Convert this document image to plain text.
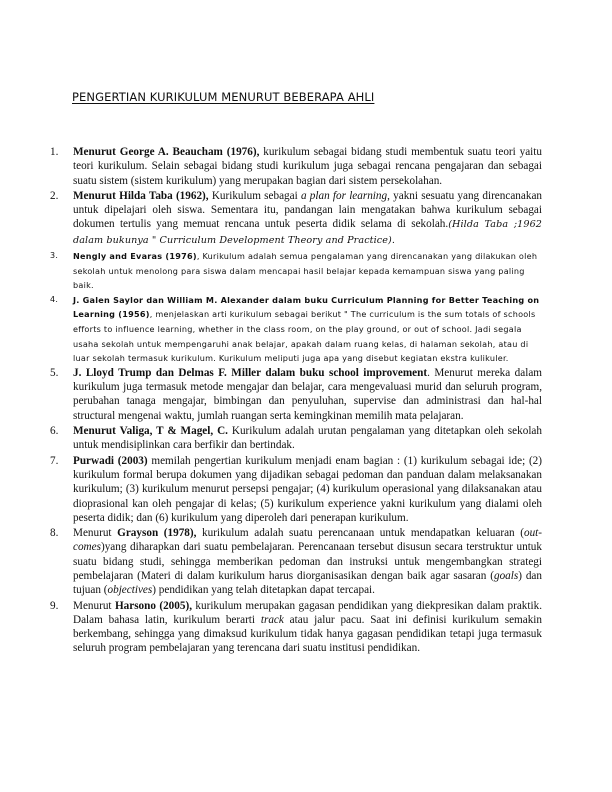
PENGERTIAN KURIKULUM MENURUT BEBERAPA AHLI
1. Menurut George A. Beaucham (1976), kurikulum sebagai bidang studi membentuk suatu teori yaitu teori kurikulum. Selain sebagai bidang studi kurikulum juga sebagai rencana pengajaran dan sebagai suatu sistem (sistem kurikulum) yang merupakan bagian dari sistem persekolahan.
2. Menurut Hilda Taba (1962), Kurikulum sebagai a plan for learning, yakni sesuatu yang direncanakan untuk dipelajari oleh siswa. Sementara itu, pandangan lain mengatakan bahwa kurikulum sebagai dokumen tertulis yang memuat rencana untuk peserta didik selama di sekolah.(Hilda Taba ;1962 dalam bukunya " Curriculum Development Theory and Practice).
3. Nengly and Evaras (1976), Kurikulum adalah semua pengalaman yang direncanakan yang dilakukan oleh sekolah untuk menolong para siswa dalam mencapai hasil belajar kepada kemampuan siswa yang paling baik.
4. J. Galen Saylor dan William M. Alexander dalam buku Curriculum Planning for Better Teaching on Learning (1956), menjelaskan arti kurikulum sebagai berikut " The curriculum is the sum totals of schools efforts to influence learning, whether in the class room, on the play ground, or out of school. Jadi segala usaha sekolah untuk mempengaruhi anak belajar, apakah dalam ruang kelas, di halaman sekolah, atau di luar sekolah termasuk kurikulum. Kurikulum meliputi juga apa yang disebut kegiatan ekstra kulikuler.
5. J. Lloyd Trump dan Delmas F. Miller dalam buku school improvement. Menurut mereka dalam kurikulum juga termasuk metode mengajar dan belajar, cara mengevaluasi murid dan seluruh program, perubahan tanaga mengajar, bimbingan dan penyuluhan, supervise dan administrasi dan hal-hal structural mengenai waktu, jumlah ruangan serta kemingkinan memilih mata pelajaran.
6. Menurut Valiga, T & Magel, C. Kurikulum adalah urutan pengalaman yang ditetapkan oleh sekolah untuk mendisiplinkan cara berfikir dan bertindak.
7. Purwadi (2003) memilah pengertian kurikulum menjadi enam bagian : (1) kurikulum sebagai ide; (2) kurikulum formal berupa dokumen yang dijadikan sebagai pedoman dan panduan dalam melaksanakan kurikulum; (3) kurikulum menurut persepsi pengajar; (4) kurikulum operasional yang dilaksanakan atau dioprasional kan oleh pengajar di kelas; (5) kurikulum experience yakni kurikulum yang dialami oleh peserta didik; dan (6) kurikulum yang diperoleh dari penerapan kurikulum.
8. Menurut Grayson (1978), kurikulum adalah suatu perencanaan untuk mendapatkan keluaran (out- comes)yang diharapkan dari suatu pembelajaran. Perencanaan tersebut disusun secara terstruktur untuk suatu bidang studi, sehingga memberikan pedoman dan instruksi untuk mengembangkan strategi pembelajaran (Materi di dalam kurikulum harus diorganisasikan dengan baik agar sasaran (goals) dan tujuan (objectives) pendidikan yang telah ditetapkan dapat tercapai.
9. Menurut Harsono (2005), kurikulum merupakan gagasan pendidikan yang diekpresikan dalam praktik. Dalam bahasa latin, kurikulum berarti track atau jalur pacu. Saat ini definisi kurikulum semakin berkembang, sehingga yang dimaksud kurikulum tidak hanya gagasan pendidikan tetapi juga termasuk seluruh program pembelajaran yang terencana dari suatu institusi pendidikan.
